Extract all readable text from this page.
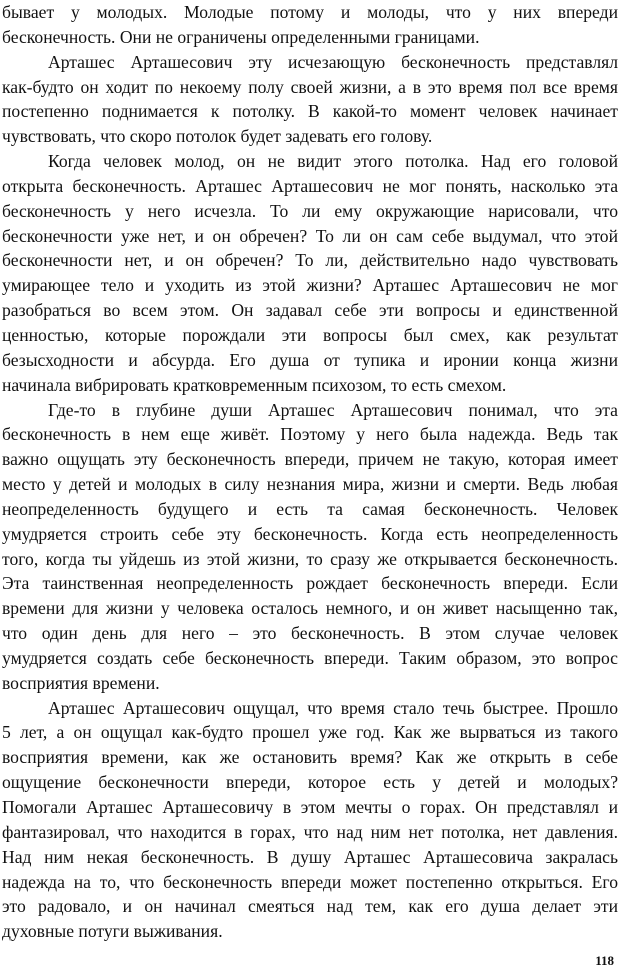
бывает у молодых. Молодые потому и молоды, что у них впереди
бесконечность. Они не ограничены определенными границами.
Арташес Арташесович эту исчезающую бесконечность представлял
как-будто он ходит по некоему полу своей жизни, а в это время пол все время
постепенно поднимается к потолку. В какой-то момент человек начинает
чувствовать, что скоро потолок будет задевать его голову.
Когда человек молод, он не видит этого потолка. Над его головой
открыта бесконечность. Арташес Арташесович не мог понять, насколько эта
бесконечность у него исчезла. То ли ему окружающие нарисовали, что
бесконечности уже нет, и он обречен? То ли он сам себе выдумал, что этой
бесконечности нет, и он обречен? То ли, действительно надо чувствовать
умирающее тело и уходить из этой жизни? Арташес Арташесович не мог
разобраться во всем этом. Он задавал себе эти вопросы и единственной
ценностью, которые порождали эти вопросы был смех, как результат
безысходности и абсурда. Его душа от тупика и иронии конца жизни
начинала вибрировать кратковременным психозом, то есть смехом.
Где-то в глубине души Арташес Арташесович понимал, что эта
бесконечность в нем еще живёт. Поэтому у него была надежда. Ведь так
важно ощущать эту бесконечность впереди, причем не такую, которая имеет
место у детей и молодых в силу незнания мира, жизни и смерти. Ведь любая
неопределенность будущего и есть та самая бесконечность. Человек
умудряется строить себе эту бесконечность. Когда есть неопределенность
того, когда ты уйдешь из этой жизни, то сразу же открывается бесконечность.
Эта таинственная неопределенность рождает бесконечность впереди. Если
времени для жизни у человека осталось немного, и он живет насыщенно так,
что один день для него – это бесконечность. В этом случае человек
умудряется создать себе бесконечность впереди. Таким образом, это вопрос
восприятия времени.
Арташес Арташесович ощущал, что время стало течь быстрее. Прошло
5 лет, а он ощущал как-будто прошел уже год. Как же вырваться из такого
восприятия времени, как же остановить время? Как же открыть в себе
ощущение бесконечности впереди, которое есть у детей и молодых?
Помогали Арташес Арташесовичу в этом мечты о горах. Он представлял и
фантазировал, что находится в горах, что над ним нет потолка, нет давления.
Над ним некая бесконечность. В душу Арташес Арташесовича закралась
надежда на то, что бесконечность впереди может постепенно открыться. Его
это радовало, и он начинал смеяться над тем, как его душа делает эти
духовные потуги выживания.
118
